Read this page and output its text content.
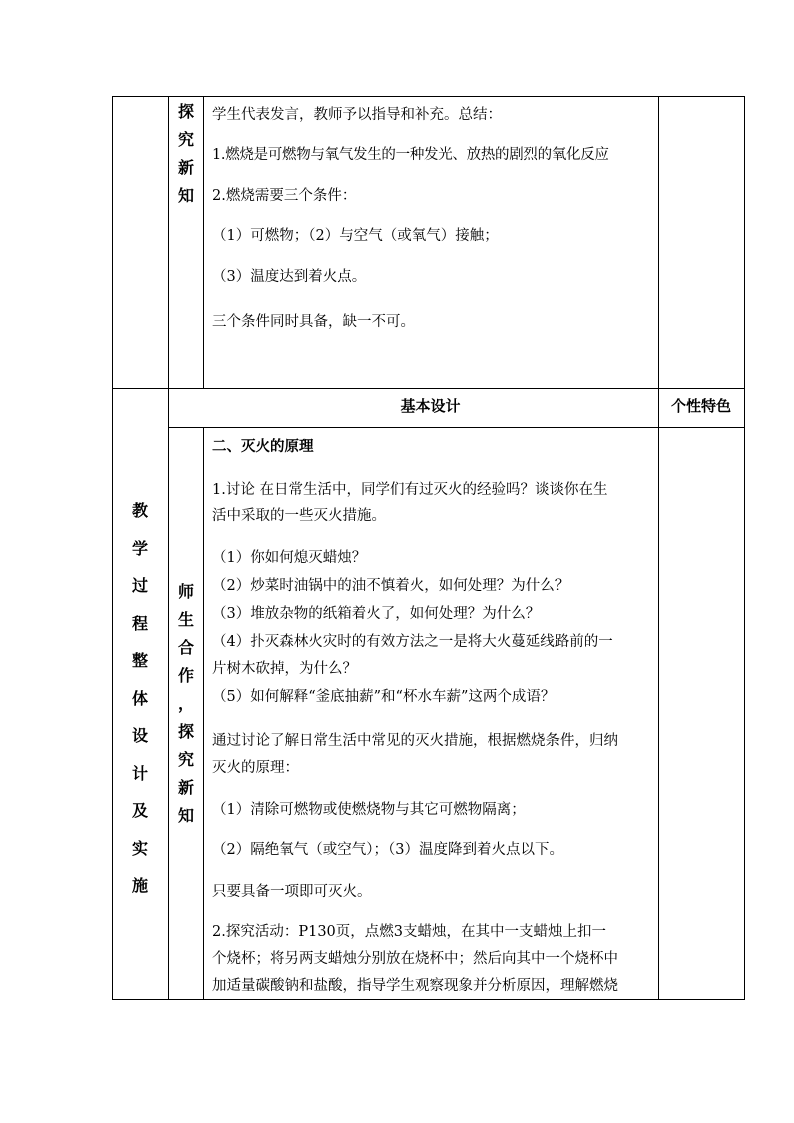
探
究
新
知
学生代表发言，教师予以指导和补充。总结：
1.燃烧是可燃物与氧气发生的一种发光、放热的剧烈的氧化反应
2.燃烧需要三个条件：
（1）可燃物；（2）与空气（或氧气）接触；
（3）温度达到着火点。
三个条件同时具备，缺一不可。
基本设计	个性特色
教
学
过
程
整
体
设
计
及
实
施
师
生
合
作
，
探
究
新
知
二、灭火的原理
1.讨论 在日常生活中，同学们有过灭火的经验吗？谈谈你在生
活中采取的一些灭火措施。
（1）你如何熄灭蜡烛？
（2）炒菜时油锅中的油不慎着火，如何处理？为什么？
（3）堆放杂物的纸箱着火了，如何处理？为什么？
（4）扑灭森林火灾时的有效方法之一是将大火蔓延线路前的一
片树木砍掉，为什么？
（5）如何解释“釜底抽薪”和“杯水车薪”这两个成语？
通过讨论了解日常生活中常见的灭火措施，根据燃烧条件，归纳
灭火的原理：
（1）清除可燃物或使燃烧物与其它可燃物隔离；
（2）隔绝氧气（或空气）；（3）温度降到着火点以下。
只要具备一项即可灭火。
2.探究活动：P130页，点燃3支蜡烛，在其中一支蜡烛上扣一
个烧杯；将另两支蜡烛分别放在烧杯中；然后向其中一个烧杯中
加适量碳酸钠和盐酸，指导学生观察现象并分析原因，理解燃烧
